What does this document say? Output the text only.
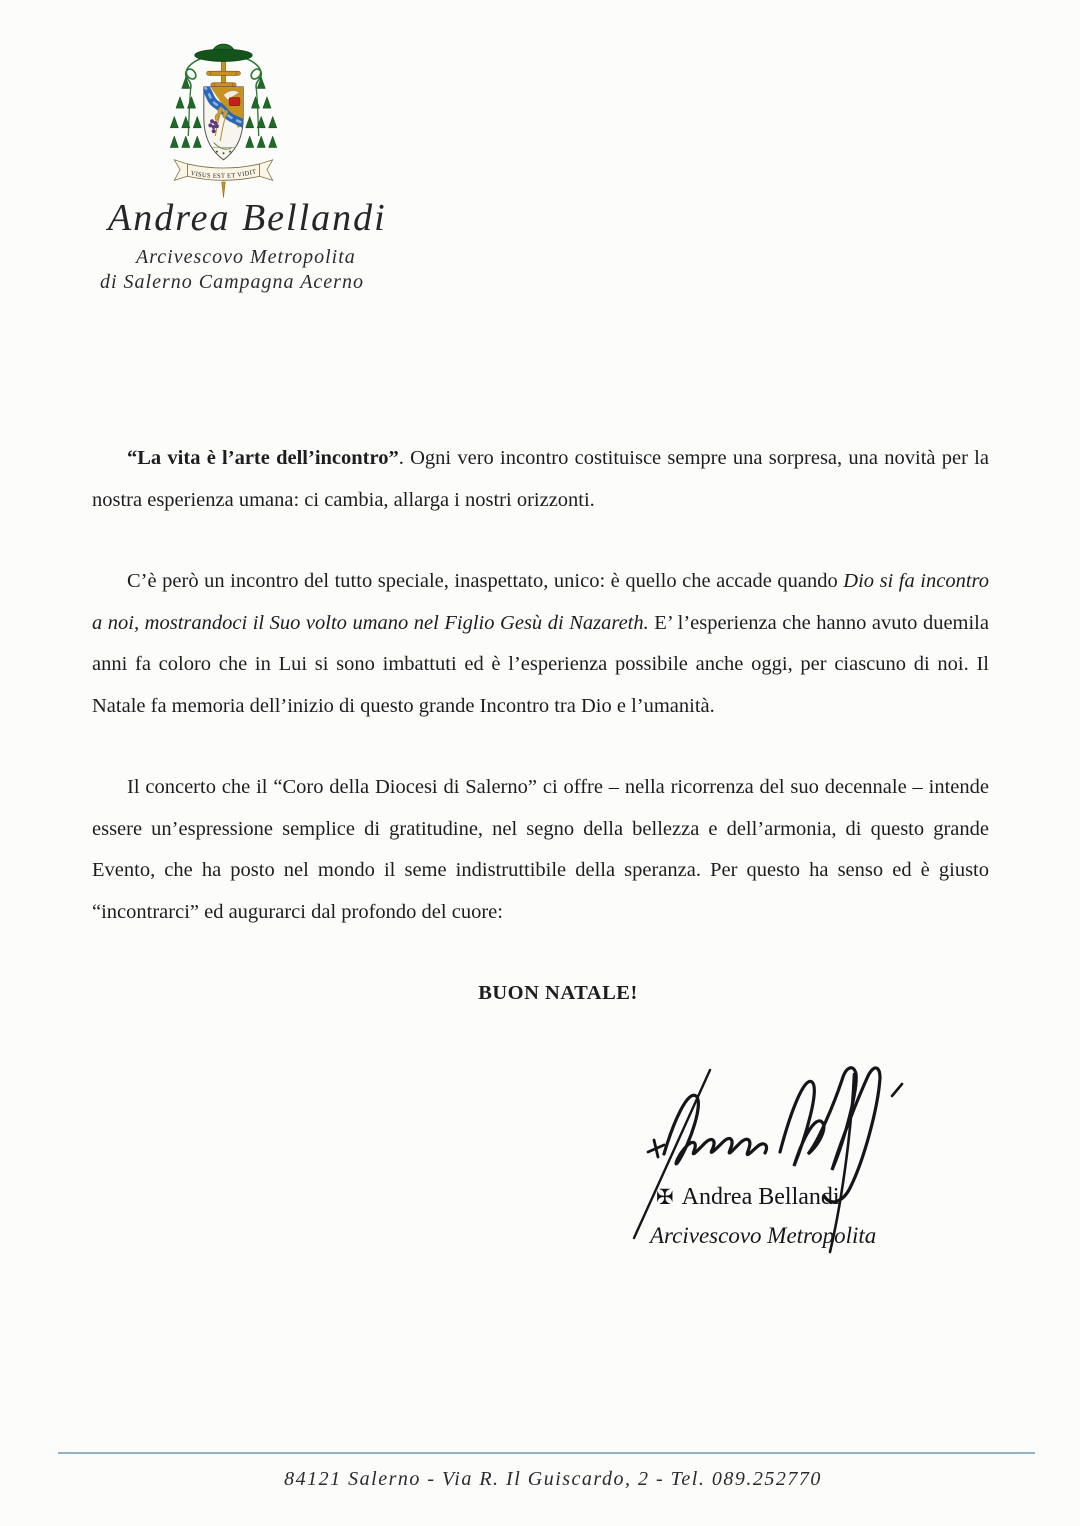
VISUS EST ET VIDIT
Andrea Bellandi
Arcivescovo Metropolita
di Salerno Campagna Acerno

“La vita è l’arte dell’incontro”. Ogni vero incontro costituisce sempre una sorpresa, una novità per la nostra esperienza umana: ci cambia, allarga i nostri orizzonti.

C’è però un incontro del tutto speciale, inaspettato, unico: è quello che accade quando Dio si fa incontro a noi, mostrandoci il Suo volto umano nel Figlio Gesù di Nazareth. E’ l’esperienza che hanno avuto duemila anni fa coloro che in Lui si sono imbattuti ed è l’esperienza possibile anche oggi, per ciascuno di noi. Il Natale fa memoria dell’inizio di questo grande Incontro tra Dio e l’umanità.

Il concerto che il “Coro della Diocesi di Salerno” ci offre – nella ricorrenza del suo decennale – intende essere un’espressione semplice di gratitudine, nel segno della bellezza e dell’armonia, di questo grande Evento, che ha posto nel mondo il seme indistruttibile della speranza. Per questo ha senso ed è giusto “incontrarci” ed augurarci dal profondo del cuore:

BUON NATALE!

✠ Andrea Bellandi
Arcivescovo Metropolita
84121 Salerno - Via R. Il Guiscardo, 2 - Tel. 089.252770
